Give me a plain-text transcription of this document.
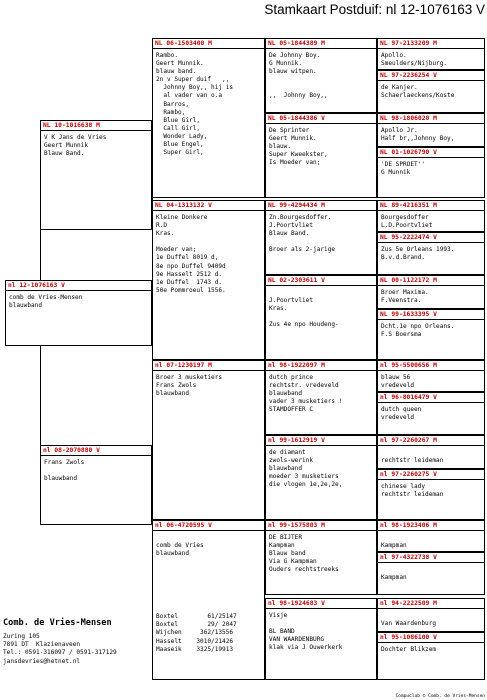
Stamkaart Postduif: nl 12-1076163 V
nl 12-1076163 V
comb de Vries-Mensen
blauwband
NL 10-1016638 M
V K Jans de Vries
Geert Munnik
Blauw Band.
nl 08-2070880 V
Frans Zwols

blauwband
NL 06-1503400 M
Rambo.
Geert Munnik.
blauw band.
2n v Super duif   ,,
Johnny Boy,, hij is
al vader van o.a
Barros,
Rambo,
Blue Girl,
Call Girl,
Wonder Lady,
Blue Engel,
Super Girl,
NL 04-1313132 V
Kleine Donkere
R.D
Kras.

Moeder van;
1e Duffel 8019 d,
8e npo Duffel 9409d
9e Hasselt 2512 d.
1e Duffel  1743 d.
50e Pommroeul 1556.
nl 07-1230197 M
Broer 3 musketiers
Frans Zwols
blauwband
nl 06-4720595 V

comb de Vries
blauwband
NL 05-1844389 M
De Johnny Boy.
G Munnik.
blauw witpen.

,,  Johnny Boy,,
NL 05-1844386 V
De Sprinter
Geert Munnik.
blauw.
Super Kweekster,
Is Moeder van;
NL 99-4294434 M
Zn.Bourgesdoffer.
J.Poortvliet
Blauw Band.

Broer als 2-jarige
NL 02-2303611 V

J.Poortvliet
Kras.

Zus 4e npo Houdeng-
nl 98-1922097 M
dutch prince
rechtstr. vredeveld
blauwband
vader 3 musketiers !
STAMDOFFER C
nl 99-1612919 V
de diamant
zwols-werink
blauwband
moeder 3 musketiers
die vlogen 1e,2e,2e,
nl 99-1575803 M
DE BIJTER
Kampman
Blauw band
Via G Kampman
Ouders rechtstreeks
nl 98-1924683 V
Visje

BL BAND
VAN WAARDENBURG
klak via J Ouwerkerk
NL 97-2133209 M
Apollo.
Smeulders/Nijburg.
NL 97-2236254 V
de Kanjer.
Schaerlaeckens/Koste
NL 98-1806020 M
Apollo Jr.
Half br,,Johnny Boy,
NL 01-1026790 V
'DE SPROET''
G Munnik
NL 89-4216351 M
Bourgesdoffer
L.D.Poortvliet
NL 95-2222474 V
Zus 5e Orleans 1993.
B.v.d.Brand.
NL 00-1122172 M
Broer Maxima.
F.Veenstra.
NL 99-1633395 V
Dcht.1e npo Orleans.
F.S Boersma
nl 95-5500656 M
blauw 56
vredeveld
nl 96-8016479 V
dutch queen
vredeveld
nl 97-2260267 M

rechtstr leideman
nl 97-2260275 V
chinese lady
rechtstr leideman
nl 98-1923406 M

Kampman
nl 97-4322738 V

Kampman
nl 94-2222509 M

Van Waardenburg
nl 95-1086100 V
Dochter Blikzem
Boxtel        61/25147
Boxtel        29/ 2047
Wijchen     362/13556
Hasselt    3010/21426
Maaseik    3325/19913
Comb. de Vries-Mensen
Zuring 105
7891 DT  Klazienaveen
Tel.: 0591-316097 / 0591-317129
jansdevries@hetnet.nl
Compuclub © Comb. de Vries-Mensen
